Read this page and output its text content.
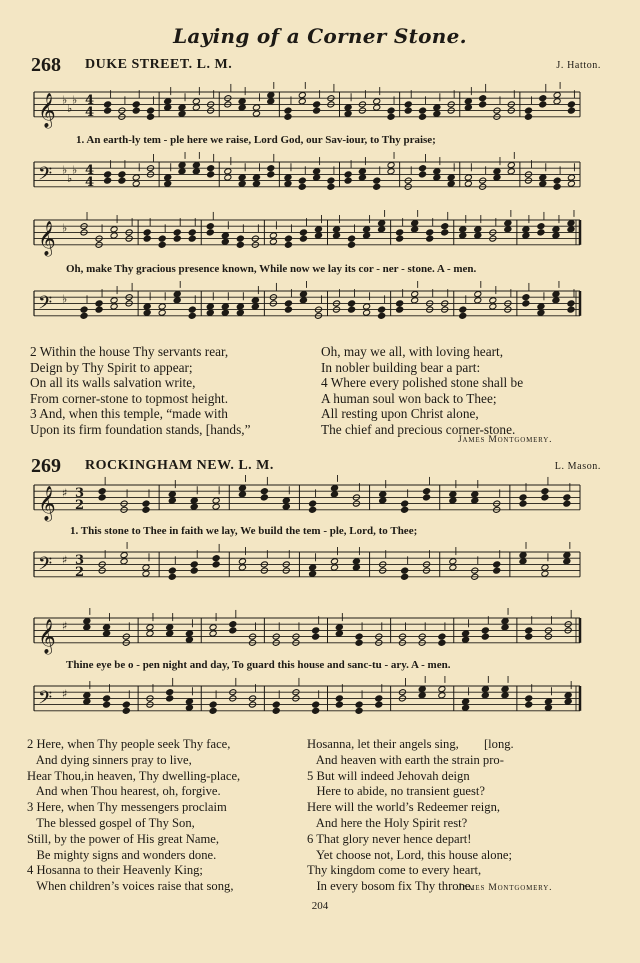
Laying of a Corner Stone.
268 DUKE STREET. L. M.	J. Hatton.
𝄞 ♭
♭
♭ 4
4
1. An earth-ly tem - ple here we raise, Lord God, our Sav-iour, to Thy praise;
𝄢 ♭
♭
♭ 4
4
𝄞 ♭
Oh, make Thy gracious presence known, While now we lay its cor - ner - stone. A - men.
𝄢 ♭
2 Within the house Thy servants rear,
Deign by Thy Spirit to appear;
On all its walls salvation write,
From corner-stone to topmost height.
3 And, when this temple, “made with
Upon its firm foundation stands, [hands,”
Oh, may we all, with loving heart,
In nobler building bear a part:
4 Where every polished stone shall be
A human soul won back to Thee;
All resting upon Christ alone,
The chief and precious corner-stone.
James Montgomery.
269 ROCKINGHAM NEW. L. M.	L. Mason.
𝄞 ♯ 3
2
1. This stone to Thee in faith we lay, We build the tem - ple, Lord, to Thee;
𝄢 ♯ 3
2
𝄞 ♯
Thine eye be o - pen night and day, To guard this house and sanc-tu - ary. A - men.
𝄢 ♯
2 Here, when Thy people seek Thy face,
And dying sinners pray to live,
Hear Thou,in heaven, Thy dwelling-place,
And when Thou hearest, oh, forgive.
3 Here, when Thy messengers proclaim
The blessed gospel of Thy Son,
Still, by the power of His great Name,
Be mighty signs and wonders done.
4 Hosanna to their Heavenly King;
When children’s voices raise that song,
Hosanna, let their angels sing,        [long.
And heaven with earth the strain pro-
5 But will indeed Jehovah deign
Here to abide, no transient guest?
Here will the world’s Redeemer reign,
And here the Holy Spirit rest?
6 That glory never hence depart!
Yet choose not, Lord, this house alone;
Thy kingdom come to every heart,
In every bosom fix Thy throne.
James Montgomery.
204
